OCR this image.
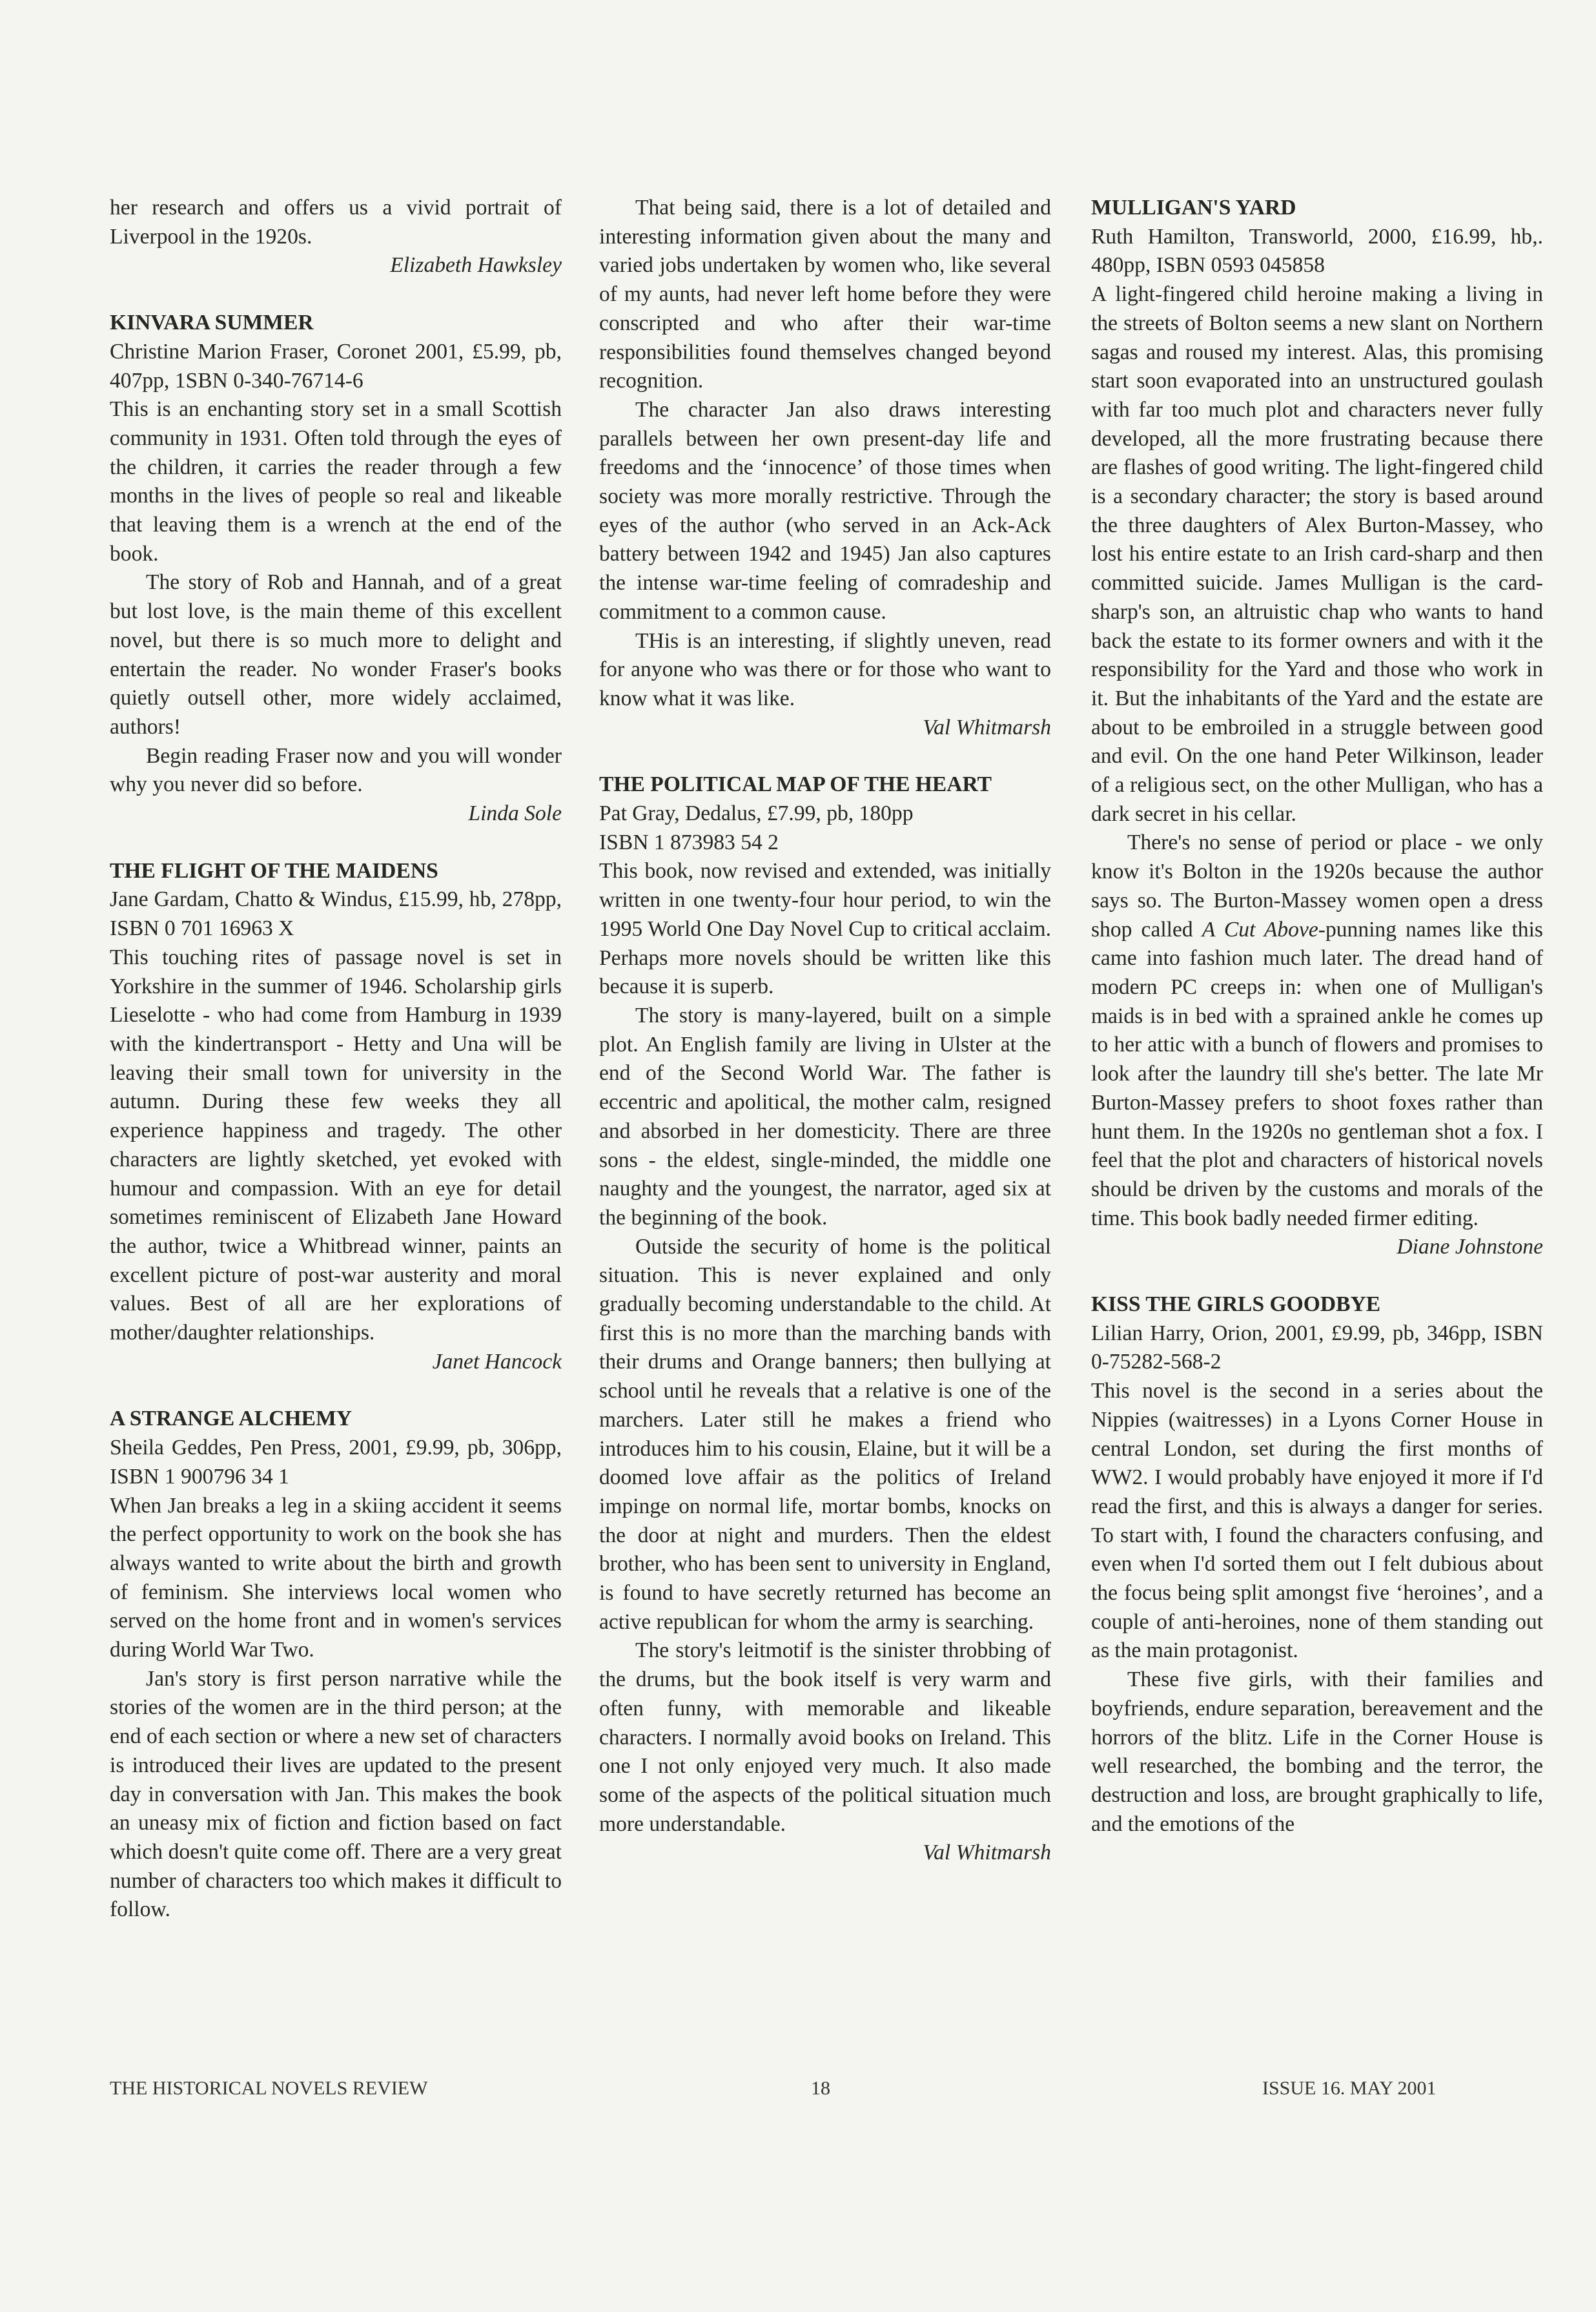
her research and offers us a vivid portrait of Liverpool in the 1920s.

Elizabeth Hawksley

KINVARA SUMMER

Christine Marion Fraser, Coronet 2001, £5.99, pb, 407pp, 1SBN 0-340-76714-6

This is an enchanting story set in a small Scottish community in 1931. Often told through the eyes of the children, it carries the reader through a few months in the lives of people so real and likeable that leaving them is a wrench at the end of the book.

The story of Rob and Hannah, and of a great but lost love, is the main theme of this excellent novel, but there is so much more to delight and entertain the reader. No wonder Fraser's books quietly outsell other, more widely acclaimed, authors!

Begin reading Fraser now and you will wonder why you never did so before.

Linda Sole

THE FLIGHT OF THE MAIDENS

Jane Gardam, Chatto & Windus, £15.99, hb, 278pp, ISBN 0 701 16963 X

This touching rites of passage novel is set in Yorkshire in the summer of 1946. Scholarship girls Lieselotte - who had come from Hamburg in 1939 with the kindertransport - Hetty and Una will be leaving their small town for university in the autumn. During these few weeks they all experience happiness and tragedy. The other characters are lightly sketched, yet evoked with humour and compassion. With an eye for detail sometimes reminiscent of Elizabeth Jane Howard the author, twice a Whitbread winner, paints an excellent picture of post-war austerity and moral values. Best of all are her explorations of mother/daughter relationships.

Janet Hancock

A STRANGE ALCHEMY

Sheila Geddes, Pen Press, 2001, £9.99, pb, 306pp, ISBN 1 900796 34 1

When Jan breaks a leg in a skiing accident it seems the perfect opportunity to work on the book she has always wanted to write about the birth and growth of feminism. She interviews local women who served on the home front and in women's services during World War Two.

Jan's story is first person narrative while the stories of the women are in the third person; at the end of each section or where a new set of characters is introduced their lives are updated to the present day in conversation with Jan. This makes the book an uneasy mix of fiction and fiction based on fact which doesn't quite come off. There are a very great number of characters too which makes it difficult to follow.

That being said, there is a lot of detailed and interesting information given about the many and varied jobs undertaken by women who, like several of my aunts, had never left home before they were conscripted and who after their war-time responsibilities found themselves changed beyond recognition.

The character Jan also draws interesting parallels between her own present-day life and freedoms and the ‘innocence’ of those times when society was more morally restrictive. Through the eyes of the author (who served in an Ack-Ack battery between 1942 and 1945) Jan also captures the intense war-time feeling of comradeship and commitment to a common cause.

THis is an interesting, if slightly uneven, read for anyone who was there or for those who want to know what it was like.

Val Whitmarsh

THE POLITICAL MAP OF THE HEART

Pat Gray, Dedalus, £7.99, pb, 180pp

ISBN 1 873983 54 2

This book, now revised and extended, was initially written in one twenty-four hour period, to win the 1995 World One Day Novel Cup to critical acclaim. Perhaps more novels should be written like this because it is superb.

The story is many-layered, built on a simple plot. An English family are living in Ulster at the end of the Second World War. The father is eccentric and apolitical, the mother calm, resigned and absorbed in her domesticity. There are three sons - the eldest, single-minded, the middle one naughty and the youngest, the narrator, aged six at the beginning of the book.

Outside the security of home is the political situation. This is never explained and only gradually becoming understandable to the child. At first this is no more than the marching bands with their drums and Orange banners; then bullying at school until he reveals that a relative is one of the marchers. Later still he makes a friend who introduces him to his cousin, Elaine, but it will be a doomed love affair as the politics of Ireland impinge on normal life, mortar bombs, knocks on the door at night and murders. Then the eldest brother, who has been sent to university in England, is found to have secretly returned has become an active republican for whom the army is searching.

The story's leitmotif is the sinister throbbing of the drums, but the book itself is very warm and often funny, with memorable and likeable characters. I normally avoid books on Ireland. This one I not only enjoyed very much. It also made some of the aspects of the political situation much more understandable.

Val Whitmarsh

MULLIGAN'S YARD

Ruth Hamilton, Transworld, 2000, £16.99, hb,. 480pp, ISBN 0593 045858

A light-fingered child heroine making a living in the streets of Bolton seems a new slant on Northern sagas and roused my interest. Alas, this promising start soon evaporated into an unstructured goulash with far too much plot and characters never fully developed, all the more frustrating because there are flashes of good writing. The light-fingered child is a secondary character; the story is based around the three daughters of Alex Burton-Massey, who lost his entire estate to an Irish card-sharp and then committed suicide. James Mulligan is the card-sharp's son, an altruistic chap who wants to hand back the estate to its former owners and with it the responsibility for the Yard and those who work in it. But the inhabitants of the Yard and the estate are about to be embroiled in a struggle between good and evil. On the one hand Peter Wilkinson, leader of a religious sect, on the other Mulligan, who has a dark secret in his cellar.

There's no sense of period or place - we only know it's Bolton in the 1920s because the author says so. The Burton-Massey women open a dress shop called A Cut Above-punning names like this came into fashion much later. The dread hand of modern PC creeps in: when one of Mulligan's maids is in bed with a sprained ankle he comes up to her attic with a bunch of flowers and promises to look after the laundry till she's better. The late Mr Burton-Massey prefers to shoot foxes rather than hunt them. In the 1920s no gentleman shot a fox. I feel that the plot and characters of historical novels should be driven by the customs and morals of the time. This book badly needed firmer editing.

Diane Johnstone

KISS THE GIRLS GOODBYE

Lilian Harry, Orion, 2001, £9.99, pb, 346pp, ISBN 0-75282-568-2

This novel is the second in a series about the Nippies (waitresses) in a Lyons Corner House in central London, set during the first months of WW2. I would probably have enjoyed it more if I'd read the first, and this is always a danger for series. To start with, I found the characters confusing, and even when I'd sorted them out I felt dubious about the focus being split amongst five ‘heroines’, and a couple of anti-heroines, none of them standing out as the main protagonist.

These five girls, with their families and boyfriends, endure separation, bereavement and the horrors of the blitz. Life in the Corner House is well researched, the bombing and the terror, the destruction and loss, are brought graphically to life, and the emotions of the

THE HISTORICAL NOVELS REVIEW	18	ISSUE 16. MAY 2001
